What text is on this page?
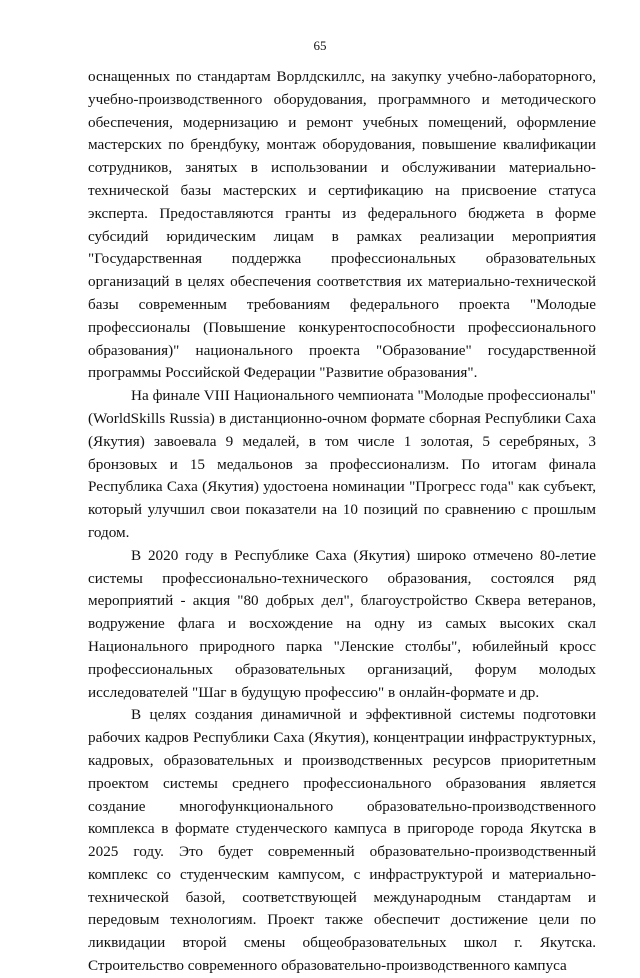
65

оснащенных по стандартам Ворлдскиллс, на закупку учебно-лабораторного, учебно-производственного оборудования, программного и методического обеспечения, модернизацию и ремонт учебных помещений, оформление мастерских по брендбуку, монтаж оборудования, повышение квалификации сотрудников, занятых в использовании и обслуживании материально-технической базы мастерских и сертификацию на присвоение статуса эксперта. Предоставляются гранты из федерального бюджета в форме субсидий юридическим лицам в рамках реализации мероприятия "Государственная поддержка профессиональных образовательных организаций в целях обеспечения соответствия их материально-технической базы современным требованиям федерального проекта "Молодые профессионалы (Повышение конкурентоспособности профессионального образования)" национального проекта "Образование" государственной программы Российской Федерации "Развитие образования".

На финале VIII Национального чемпионата "Молодые профессионалы" (WorldSkills Russia) в дистанционно-очном формате сборная Республики Саха (Якутия) завоевала 9 медалей, в том числе 1 золотая, 5 серебряных, 3 бронзовых и 15 медальонов за профессионализм. По итогам финала Республика Саха (Якутия) удостоена номинации "Прогресс года" как субъект, который улучшил свои показатели на 10 позиций по сравнению с прошлым годом.

В 2020 году в Республике Саха (Якутия) широко отмечено 80-летие системы профессионально-технического образования, состоялся ряд мероприятий - акция "80 добрых дел", благоустройство Сквера ветеранов, водружение флага и восхождение на одну из самых высоких скал Национального природного парка "Ленские столбы", юбилейный кросс профессиональных образовательных организаций, форум молодых исследователей "Шаг в будущую профессию" в онлайн-формате и др.

В целях создания динамичной и эффективной системы подготовки рабочих кадров Республики Саха (Якутия), концентрации инфраструктурных, кадровых, образовательных и производственных ресурсов приоритетным проектом системы среднего профессионального образования является создание многофункционального образовательно-производственного комплекса в формате студенческого кампуса в пригороде города Якутска в 2025 году. Это будет современный образовательно-производственный комплекс со студенческим кампусом, с инфраструктурой и материально-технической базой, соответствующей международным стандартам и передовым технологиям. Проект также обеспечит достижение цели по ликвидации второй смены общеобразовательных школ г. Якутска. Строительство современного образовательно-производственного кампуса
